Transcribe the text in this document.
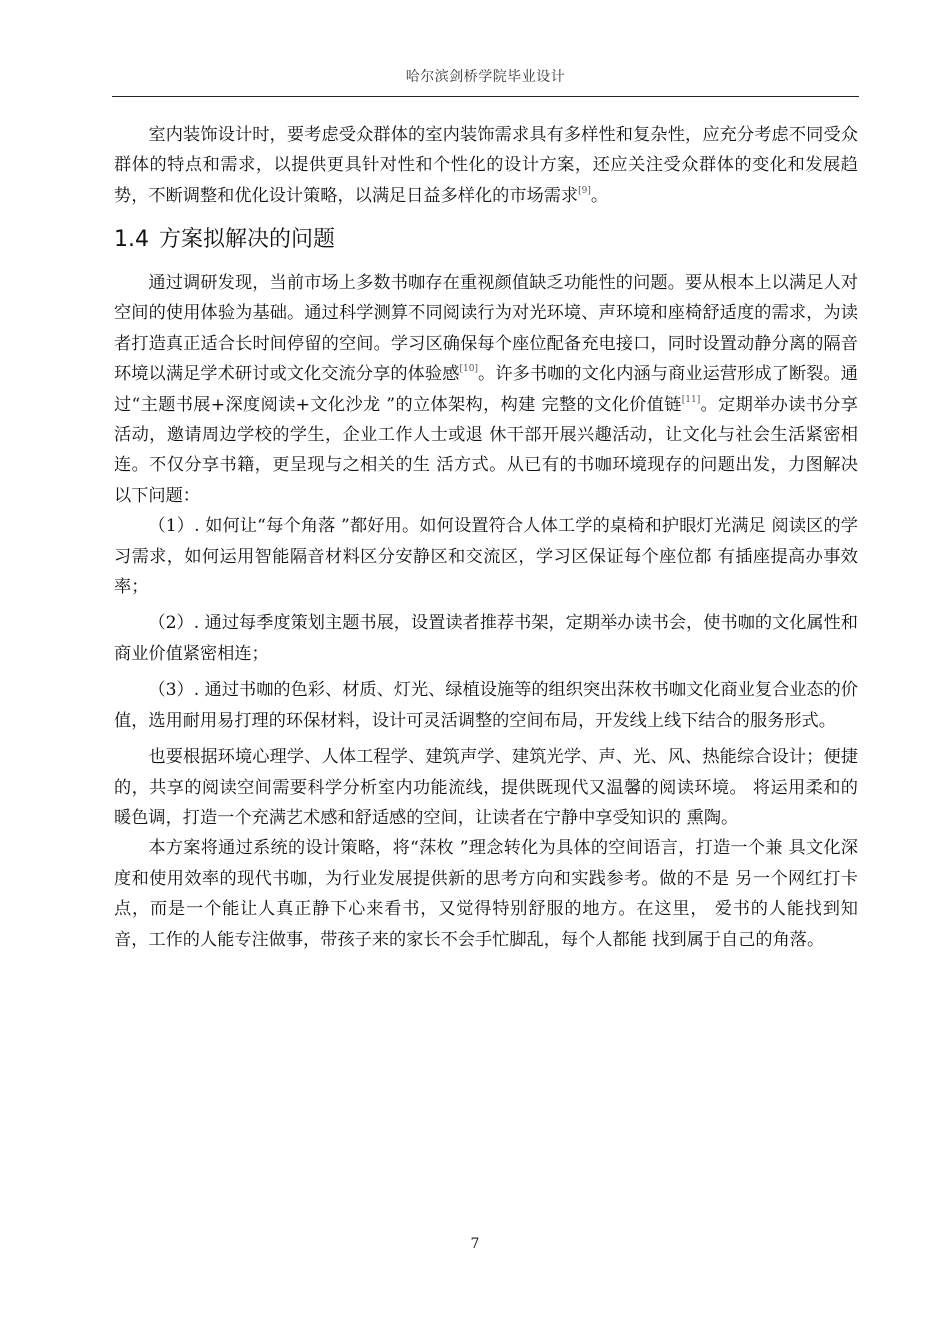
哈尔滨剑桥学院毕业设计

室内装饰设计时，要考虑受众群体的室内装饰需求具有多样性和复杂性，应充分考虑不同受众群体的特点和需求，以提供更具针对性和个性化的设计方案，还应关注受众群体的变化和发展趋势，不断调整和优化设计策略，以满足日益多样化的市场需求[9]。

1.4 方案拟解决的问题

通过调研发现，当前市场上多数书咖存在重视颜值缺乏功能性的问题。要从根本上以满足人对空间的使用体验为基础。通过科学测算不同阅读行为对光环境、声环境和座椅舒适度的需求，为读者打造真正适合长时间停留的空间。学习区确保每个座位配备充电接口，同时设置动静分离的隔音环境以满足学术研讨或文化交流分享的体验感[10]。许多书咖的文化内涵与商业运营形成了断裂。通过“主题书展+深度阅读+文化沙龙 ”的立体架构，构建 完整的文化价值链[11]。定期举办读书分享活动，邀请周边学校的学生，企业工作人士或退 休干部开展兴趣活动，让文化与社会生活紧密相连。不仅分享书籍，更呈现与之相关的生 活方式。从已有的书咖环境现存的问题出发，力图解决以下问题：

（1）. 如何让“每个角落 ”都好用。如何设置符合人体工学的桌椅和护眼灯光满足 阅读区的学习需求，如何运用智能隔音材料区分安静区和交流区，学习区保证每个座位都 有插座提高办事效率；

（2）. 通过每季度策划主题书展，设置读者推荐书架，定期举办读书会，使书咖的文化属性和商业价值紧密相连；

（3）. 通过书咖的色彩、材质、灯光、绿植设施等的组织突出莯枚书咖文化商业复合业态的价值，选用耐用易打理的环保材料，设计可灵活调整的空间布局，开发线上线下结合的服务形式。

也要根据环境心理学、人体工程学、建筑声学、建筑光学、声、光、风、热能综合设计；便捷的，共享的阅读空间需要科学分析室内功能流线，提供既现代又温馨的阅读环境。 将运用柔和的暖色调，打造一个充满艺术感和舒适感的空间，让读者在宁静中享受知识的 熏陶。

本方案将通过系统的设计策略，将“莯枚 ”理念转化为具体的空间语言，打造一个兼 具文化深度和使用效率的现代书咖，为行业发展提供新的思考方向和实践参考。做的不是 另一个网红打卡点，而是一个能让人真正静下心来看书，又觉得特别舒服的地方。在这里， 爱书的人能找到知音，工作的人能专注做事，带孩子来的家长不会手忙脚乱，每个人都能 找到属于自己的角落。

7
